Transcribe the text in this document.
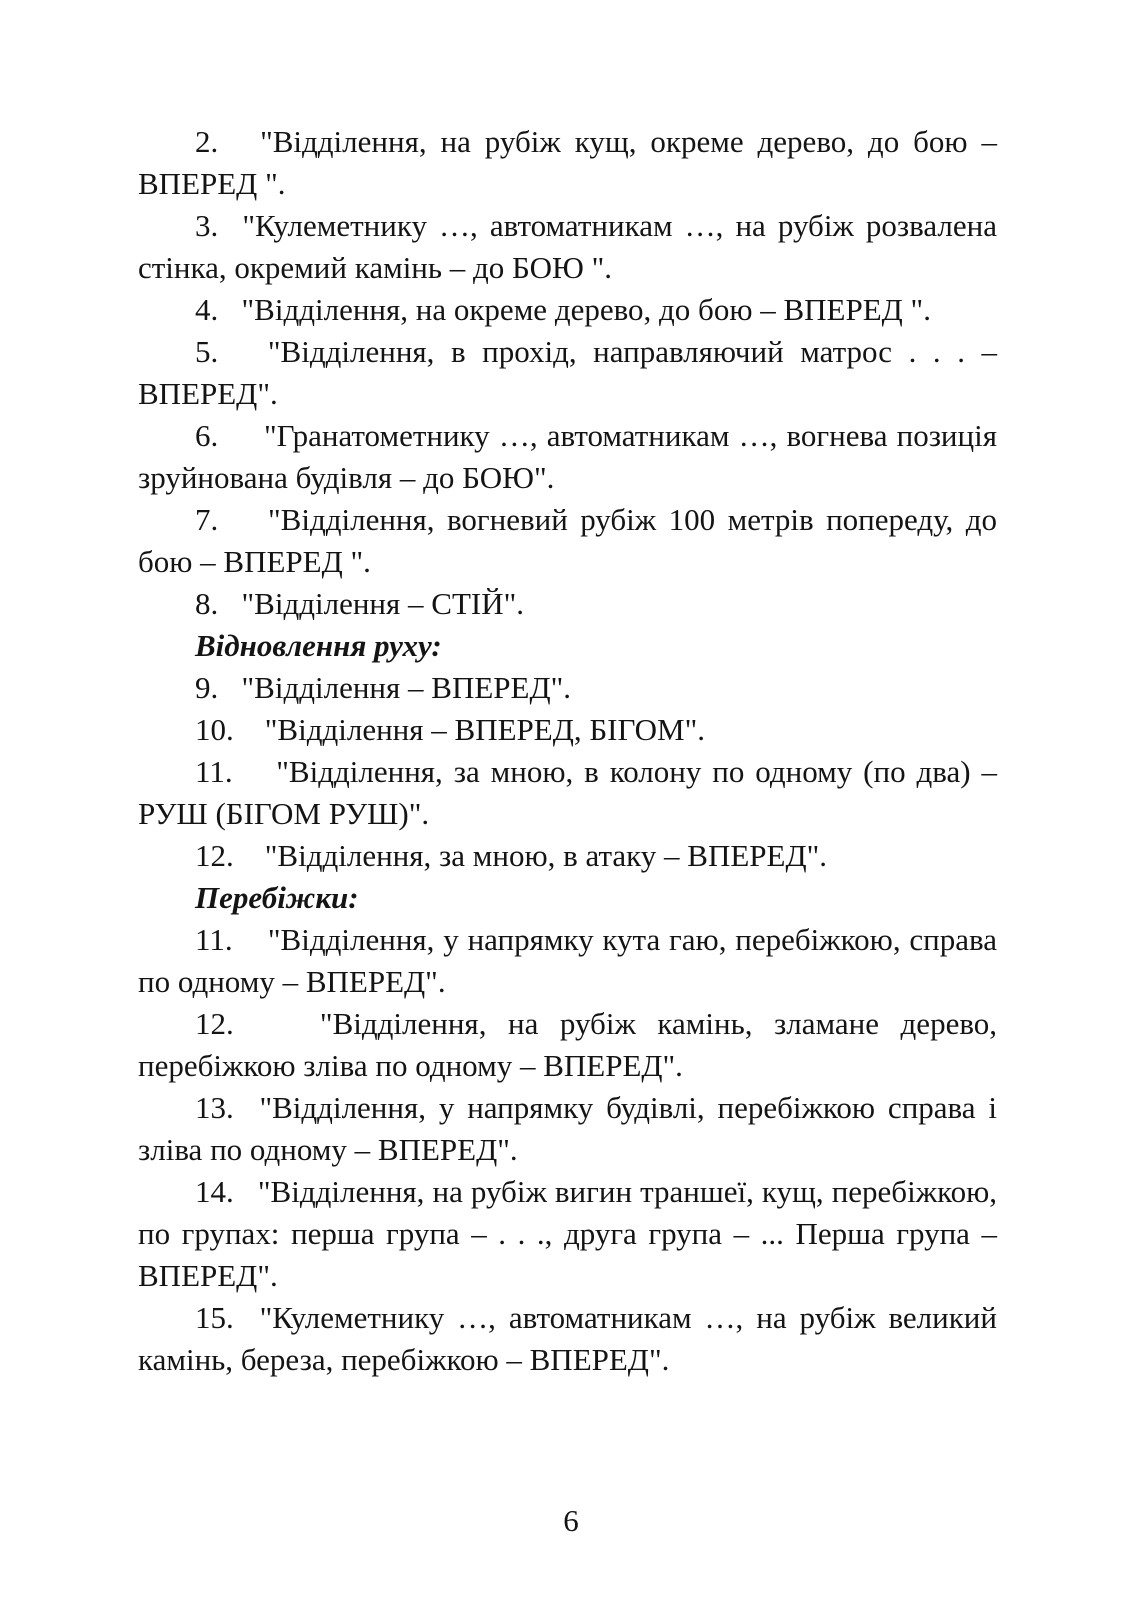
2. "Відділення, на рубіж кущ, окреме дерево, до бою – ВПЕРЕД ".

3. "Кулеметнику …, автоматникам …, на рубіж розвалена стінка, окремий камінь – до БОЮ ".

4. "Відділення, на окреме дерево, до бою – ВПЕРЕД ".

5. "Відділення, в прохід, направляючий матрос . . . – ВПЕРЕД".

6. "Гранатометнику …, автоматникам …, вогнева позиція зруйнована будівля – до БОЮ".

7. "Відділення, вогневий рубіж 100 метрів попереду, до бою – ВПЕРЕД ".

8. "Відділення – СТІЙ".

Відновлення руху:

9. "Відділення – ВПЕРЕД".

10. "Відділення – ВПЕРЕД, БІГОМ".

11. "Відділення, за мною, в колону по одному (по два) – РУШ (БІГОМ РУШ)".

12. "Відділення, за мною, в атаку – ВПЕРЕД".

Перебіжки:

11. "Відділення, у напрямку кута гаю, перебіжкою, справа по одному – ВПЕРЕД".

12.	"Відділення, на рубіж камінь, зламане дерево, перебіжкою зліва по одному – ВПЕРЕД".

13. "Відділення, у напрямку будівлі, перебіжкою справа і зліва по одному – ВПЕРЕД".

14. "Відділення, на рубіж вигин траншеї, кущ, перебіжкою, по групах: перша група – . . ., друга група – ... Перша група – ВПЕРЕД".

15. "Кулеметнику …, автоматникам …, на рубіж великий камінь, береза, перебіжкою – ВПЕРЕД".

6
